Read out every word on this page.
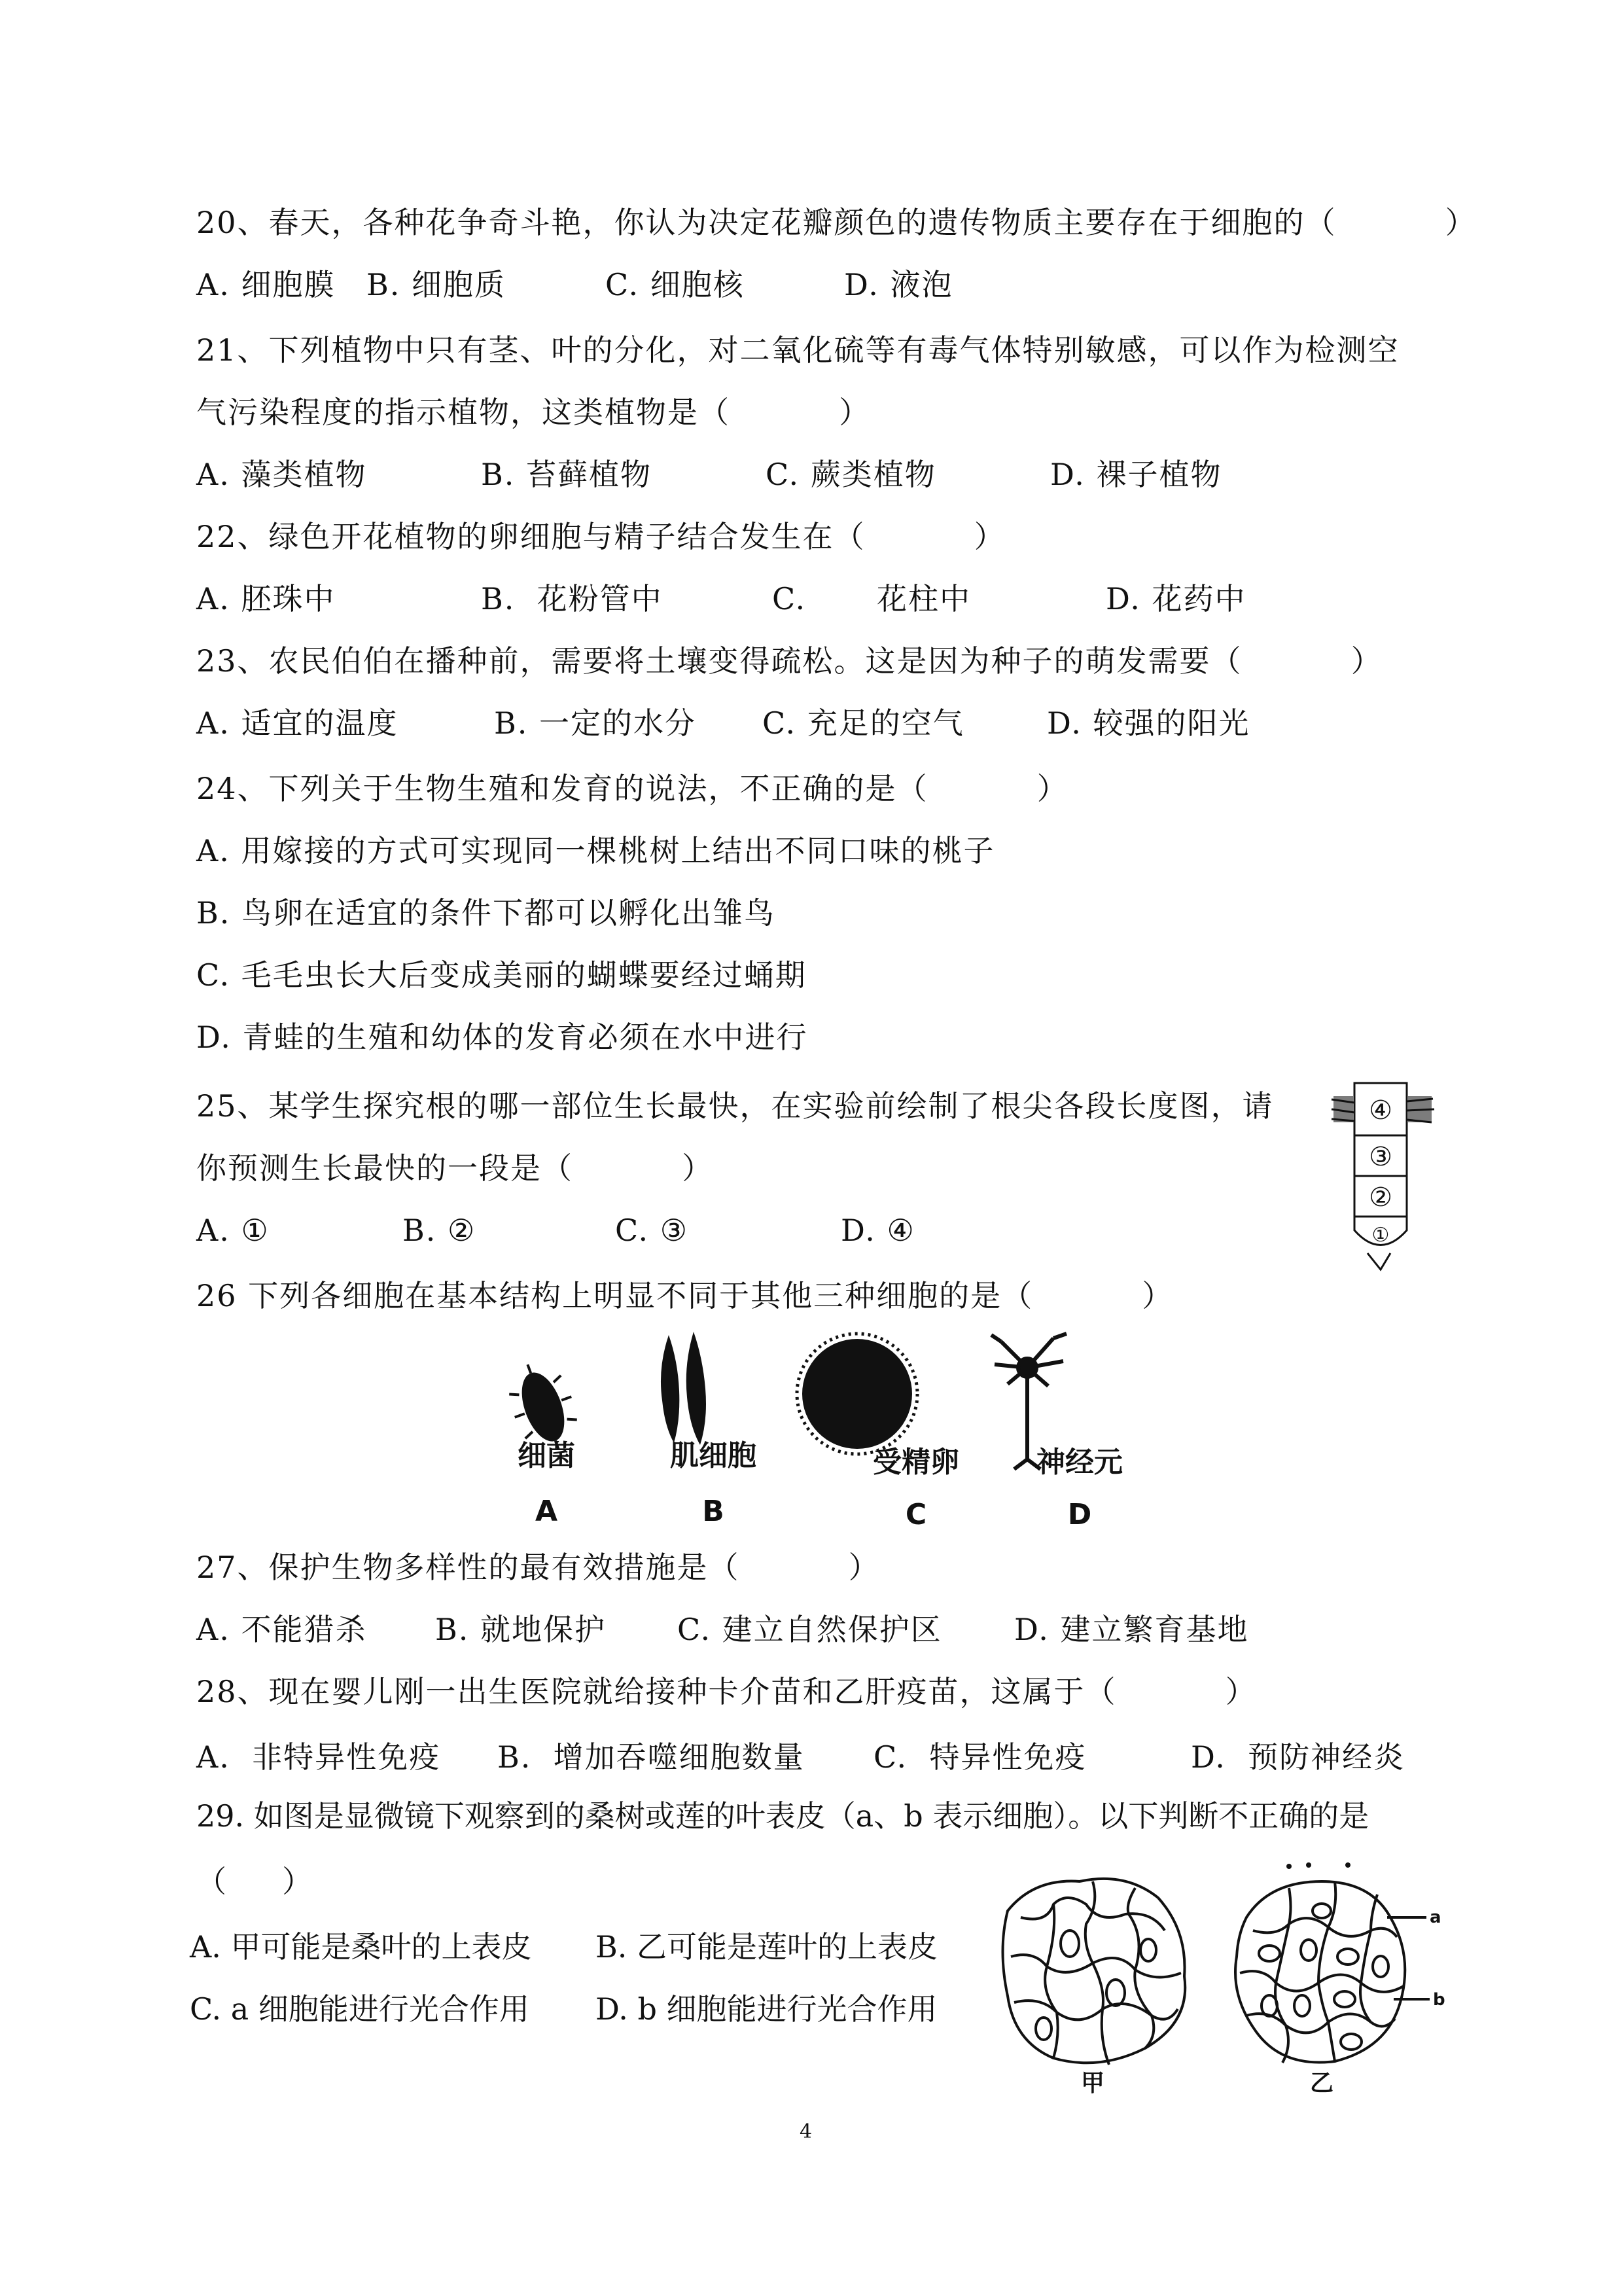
20、春天，各种花争奇斗艳，你认为决定花瓣颜色的遗传物质主要存在于细胞的（          ）
A. 细胞膜 B. 细胞质	C. 细胞核	D. 液泡
21、下列植物中只有茎、叶的分化，对二氧化硫等有毒气体特别敏感，可以作为检测空
气污染程度的指示植物，这类植物是（          ）
A. 藻类植物	B. 苔藓植物	C. 蕨类植物	D. 裸子植物
22、绿色开花植物的卵细胞与精子结合发生在（          ）
A. 胚珠中	B.  花粉管中	C. 花柱中	D. 花药中
23、农民伯伯在播种前，需要将土壤变得疏松。这是因为种子的萌发需要（          ）
A. 适宜的温度	B. 一定的水分 C. 充足的空气	D. 较强的阳光
24、下列关于生物生殖和发育的说法，不正确的是（          ）
A. 用嫁接的方式可实现同一棵桃树上结出不同口味的桃子
B. 鸟卵在适宜的条件下都可以孵化出雏鸟
C. 毛毛虫长大后变成美丽的蝴蝶要经过蛹期
D. 青蛙的生殖和幼体的发育必须在水中进行
25、某学生探究根的哪一部位生长最快，在实验前绘制了根尖各段长度图，请
你预测生长最快的一段是（          ）
A. ①	B. ②	C. ③	D. ④
④
③
②
①
26 下列各细胞在基本结构上明显不同于其他三种细胞的是（          ）
细菌
A
肌细胞
B
受精卵
C
神经元
D
27、保护生物多样性的最有效措施是（          ）
A. 不能猎杀 B. 就地保护 C. 建立自然保护区 D. 建立繁育基地
28、现在婴儿刚一出生医院就给接种卡介苗和乙肝疫苗，这属于（          ）
A.  非特异性免疫 B.  增加吞噬细胞数量 C.  特异性免疫	D.  预防神经炎
29. 如图是显微镜下观察到的桑树或莲的叶表皮（a、b 表示细胞）。以下判断不正确的是
（     ）
A. 甲可能是桑叶的上表皮 B. 乙可能是莲叶的上表皮
C. a 细胞能进行光合作用 D. b 细胞能进行光合作用
a
b
甲	乙
4
